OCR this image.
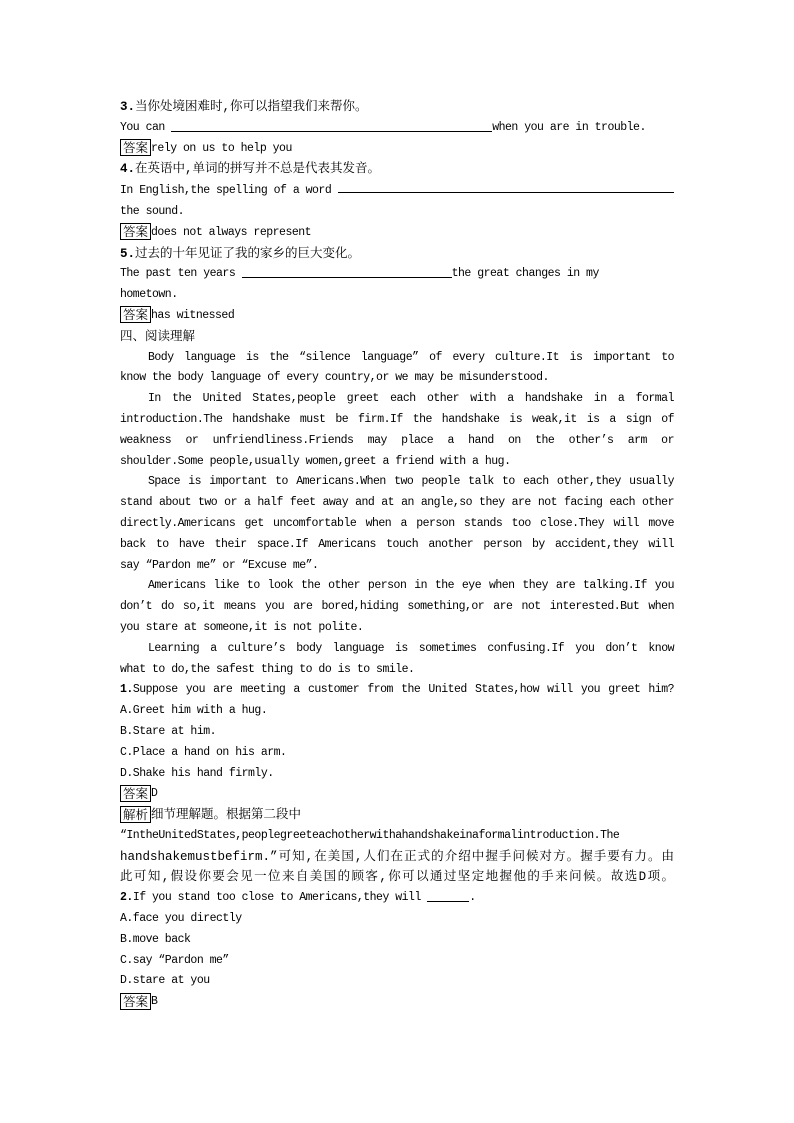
3.当你处境困难时,你可以指望我们来帮你。
You can	when you are in trouble.
答案 rely on us to help you
4.在英语中,单词的拼写并不总是代表其发音。
In English,the spelling of a word
the sound.
答案 does not always represent
5.过去的十年见证了我的家乡的巨大变化。
The past ten years	the great changes in my
hometown.
答案 has witnessed
四、阅读理解
Body language is the “silence language” of every culture.It is important to
know the body language of every country,or we may be misunderstood.
In the United States,people greet each other with a handshake in a formal
introduction.The handshake must be firm.If the handshake is weak,it is a sign of
weakness or unfriendliness.Friends may place a hand on the other’s arm or
shoulder.Some people,usually women,greet a friend with a hug.
Space is important to Americans.When two people talk to each other,they usually
stand about two or a half feet away and at an angle,so they are not facing each other
directly.Americans get uncomfortable when a person stands too close.They will move
back to have their space.If Americans touch another person by accident,they will
say “Pardon me” or “Excuse me”.
Americans like to look the other person in the eye when they are talking.If you
don’t do so,it means you are bored,hiding something,or are not interested.But when
you stare at someone,it is not polite.
Learning a culture’s body language is sometimes confusing.If you don’t know
what to do,the safest thing to do is to smile.
1.Suppose you are meeting a customer from the United States,how will you greet him?
A.Greet him with a hug.
B.Stare at him.
C.Place a hand on his arm.
D.Shake his hand firmly.
答案 D
解析 细节理解题。根据第二段中
“IntheUnitedStates,peoplegreeteachotherwithahandshakeinaformalintroduction.The
handshakemustbefirm.”可知,在美国,人们在正式的介绍中握手问候对方。握手要有力。由
此可知,假设你要会见一位来自美国的顾客,你可以通过坚定地握他的手来问候。故选D项。
2.If you stand too close to Americans,they will	.
A.face you directly
B.move back
C.say “Pardon me”
D.stare at you
答案 B
